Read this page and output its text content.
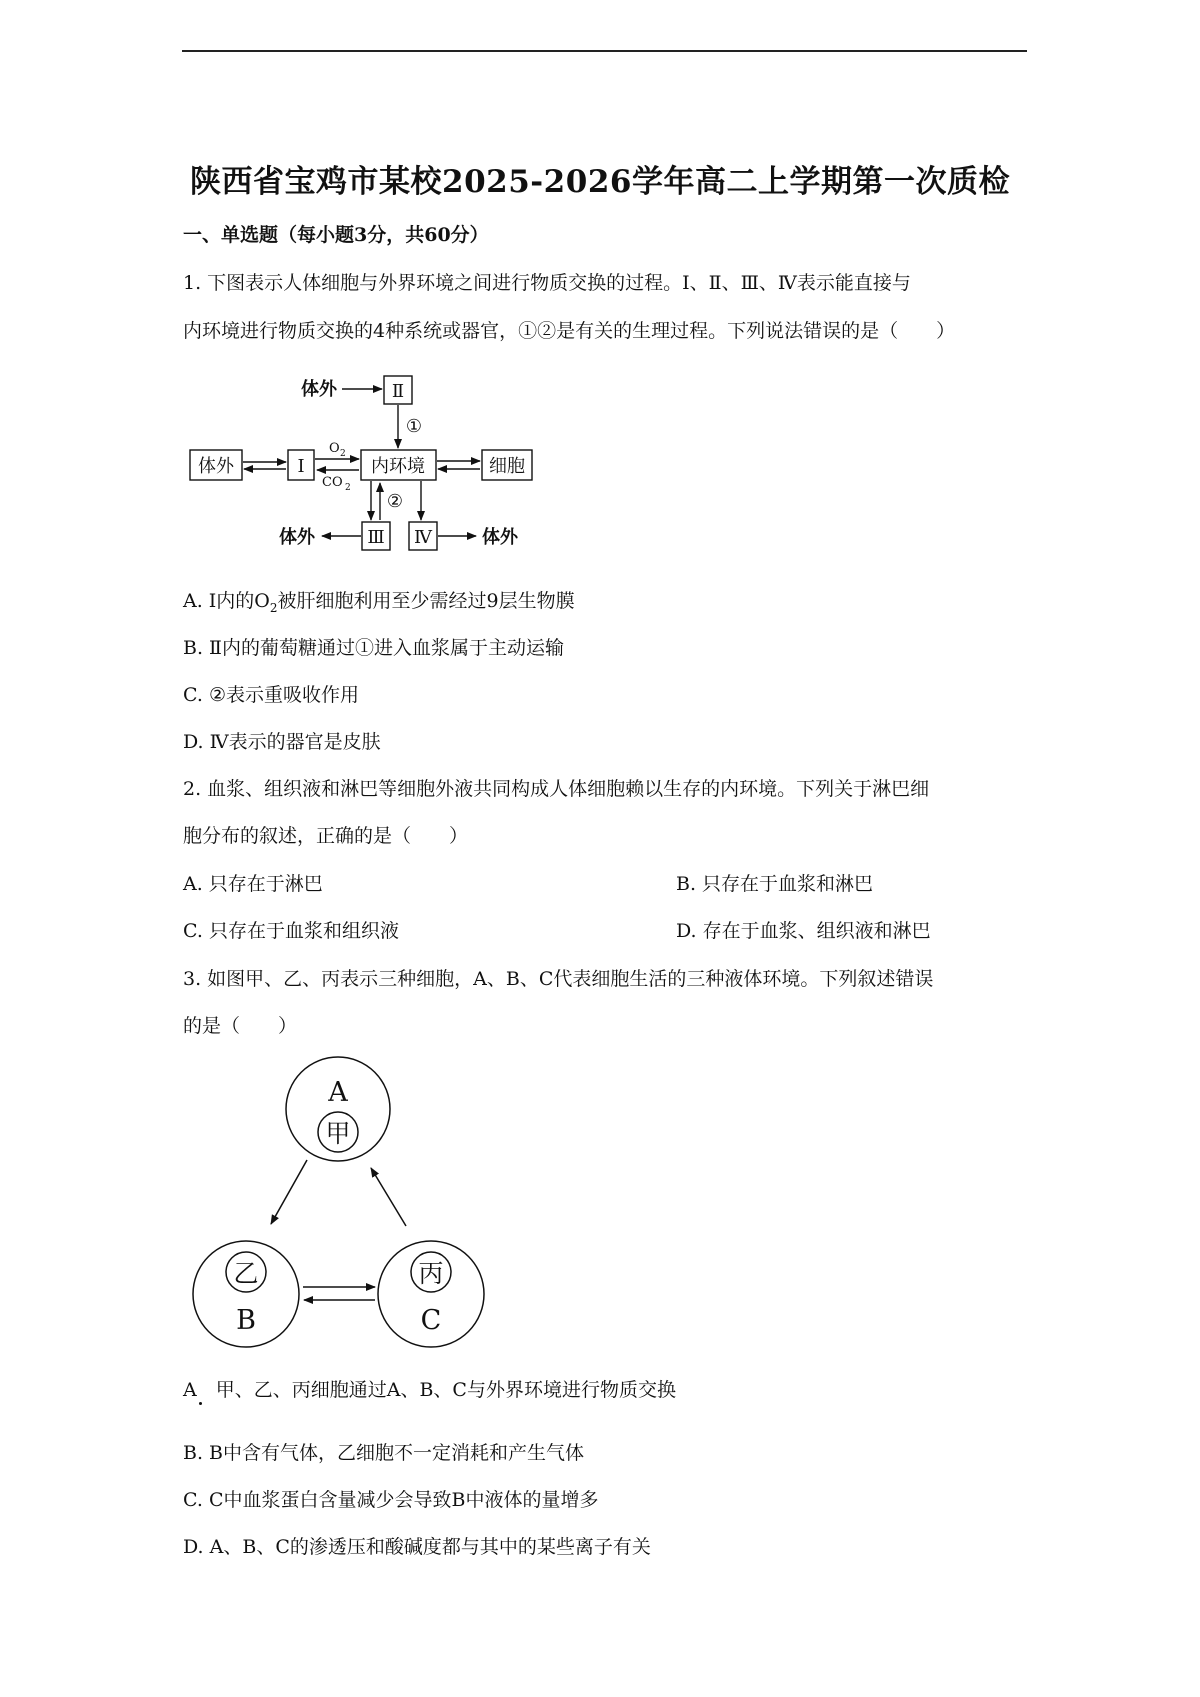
陕西省宝鸡市某校2025-2026学年高二上学期第一次质检
一、单选题（每小题3分，共60分）
1. 下图表示人体细胞与外界环境之间进行物质交换的过程。Ⅰ、Ⅱ、Ⅲ、Ⅳ表示能直接与
内环境进行物质交换的4种系统或器官，①②是有关的生理过程。下列说法错误的是（　　）
体外	Ⅱ
①
体外	Ⅰ	内环境	细胞
②
Ⅲ Ⅳ
体外	体外
O 2
CO 2
A
甲
乙
B
丙
C
A. Ⅰ内的$O_2$被肝细胞利用至少需经过9层生物膜
B. Ⅱ内的葡萄糖通过①进入血浆属于主动运输
C. ②表示重吸收作用
D. Ⅳ表示的器官是皮肤
2. 血浆、组织液和淋巴等细胞外液共同构成人体细胞赖以生存的内环境。下列关于淋巴细
胞分布的叙述，正确的是（　　）
A. 只存在于淋巴	B. 只存在于血浆和淋巴
C. 只存在于血浆和组织液	D. 存在于血浆、组织液和淋巴
3. 如图甲、乙、丙表示三种细胞，A、B、C代表细胞生活的三种液体环境。下列叙述错误
的是（　　）
A　甲、乙、丙细胞通过A、B、C与外界环境进行物质交换
B. B中含有气体，乙细胞不一定消耗和产生气体
C. C中血浆蛋白含量减少会导致B中液体的量增多
D. A、B、C的渗透压和酸碱度都与其中的某些离子有关
